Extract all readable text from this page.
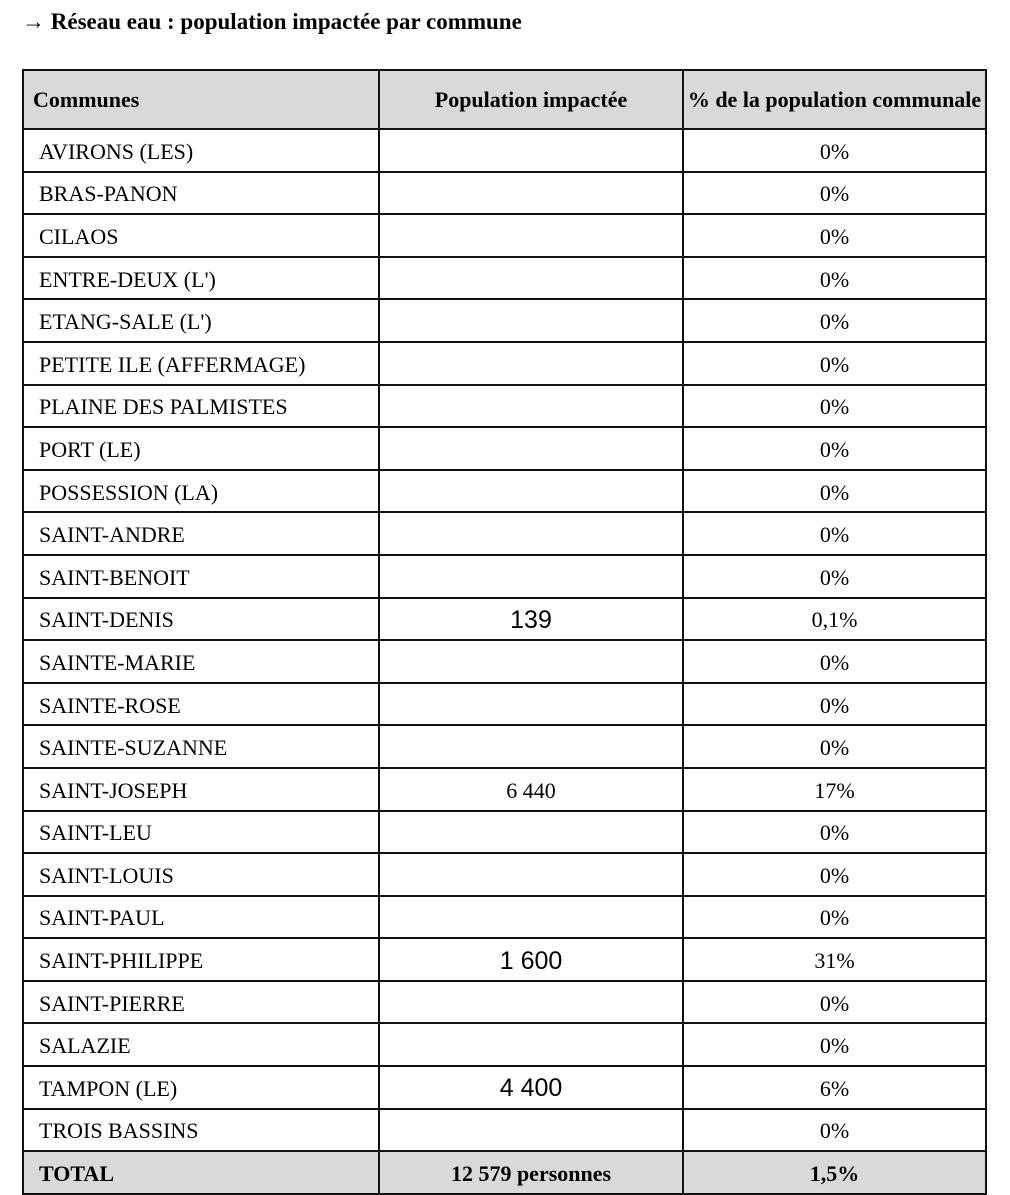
→ Réseau eau : population impactée par commune
Communes	Population impactée	% de la population communale
AVIRONS (LES)		0%
BRAS-PANON		0%
CILAOS		0%
ENTRE-DEUX (L')		0%
ETANG-SALE (L')		0%
PETITE ILE (AFFERMAGE)		0%
PLAINE DES PALMISTES		0%
PORT (LE)		0%
POSSESSION (LA)		0%
SAINT-ANDRE		0%
SAINT-BENOIT		0%
SAINT-DENIS	139	0,1%
SAINTE-MARIE		0%
SAINTE-ROSE		0%
SAINTE-SUZANNE		0%
SAINT-JOSEPH	6 440	17%
SAINT-LEU		0%
SAINT-LOUIS		0%
SAINT-PAUL		0%
SAINT-PHILIPPE	1 600	31%
SAINT-PIERRE		0%
SALAZIE		0%
TAMPON (LE)	4 400	6%
TROIS BASSINS		0%
TOTAL	12 579 personnes	1,5%
